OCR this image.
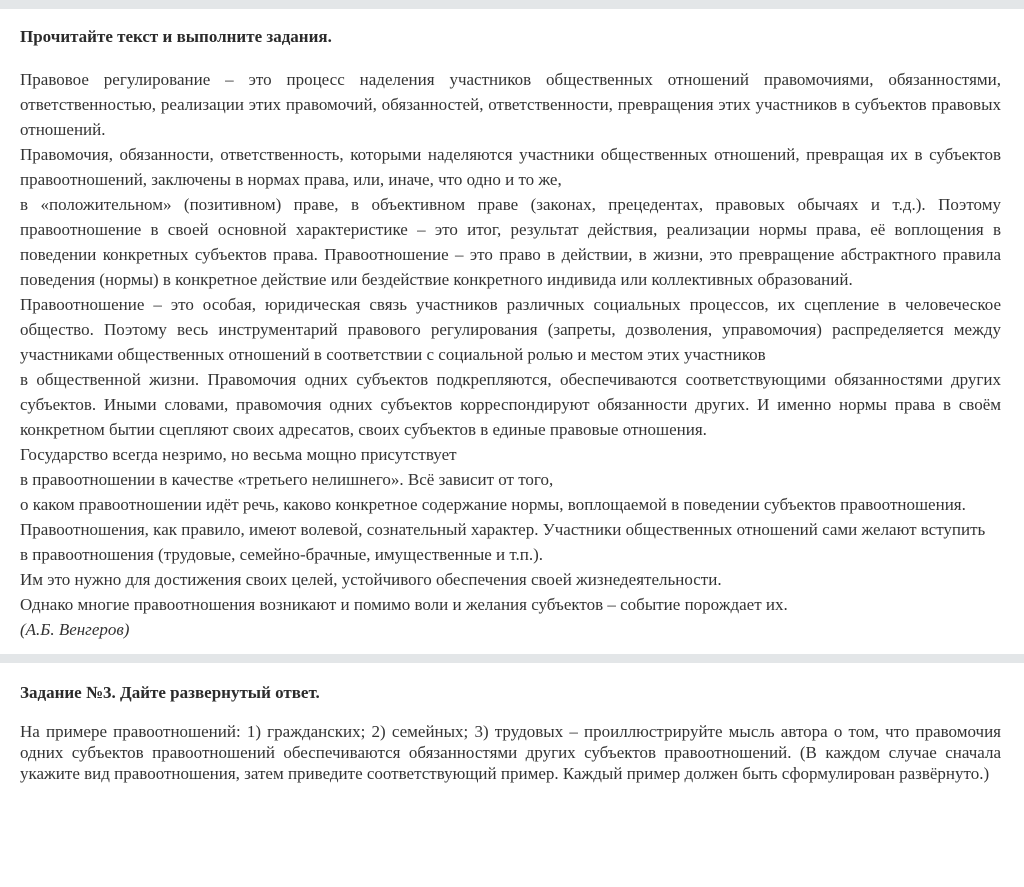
Прочитайте текст и выполните задания.

Правовое регулирование – это процесс наделения участников общественных отношений правомочиями, обязанностями, ответственностью, реализации этих правомочий, обязанностей, ответственности, превращения этих участников в субъектов правовых отношений.

Правомочия, обязанности, ответственность, которыми наделяются участники общественных отношений, превращая их в субъектов правоотношений, заключены в нормах права, или, иначе, что одно и то же,

в «положительном» (позитивном) праве, в объективном праве (законах, прецедентах, правовых обычаях и т.д.). Поэтому правоотношение в своей основной характеристике – это итог, результат действия, реализации нормы права, её воплощения в поведении конкретных субъектов права. Правоотношение – это право в действии, в жизни, это превращение абстрактного правила поведения (нормы) в конкретное действие или бездействие конкретного индивида или коллективных образований.

Правоотношение – это особая, юридическая связь участников различных социальных процессов, их сцепление в человеческое общество. Поэтому весь инструментарий правового регулирования (запреты, дозволения, управомочия) распределяется между участниками общественных отношений в соответствии с социальной ролью и местом этих участников

в общественной жизни. Правомочия одних субъектов подкрепляются, обеспечиваются соответствующими обязанностями других субъектов. Иными словами, правомочия одних субъектов корреспондируют обязанности других. И именно нормы права в своём конкретном бытии сцепляют своих адресатов, своих субъектов в единые правовые отношения.

Государство всегда незримо, но весьма мощно присутствует

в правоотношении в качестве «третьего нелишнего». Всё зависит от того,

о каком правоотношении идёт речь, каково конкретное содержание нормы, воплощаемой в поведении субъектов правоотношения.

Правоотношения, как правило, имеют волевой, сознательный характер. Участники общественных отношений сами желают вступить

в правоотношения (трудовые, семейно-брачные, имущественные и т.п.).

Им это нужно для достижения своих целей, устойчивого обеспечения своей жизнедеятельности.

Однако многие правоотношения возникают и помимо воли и желания субъектов – событие порождает их.

(А.Б. Венгеров)

Задание №3. Дайте развернутый ответ.

На примере правоотношений: 1) гражданских; 2) семейных; 3) трудовых – проиллюстрируйте мысль автора о том, что правомочия одних субъектов правоотношений обеспечиваются обязанностями других субъектов правоотношений. (В каждом случае сначала укажите вид правоотношения, затем приведите соответствующий пример. Каждый пример должен быть сформулирован развёрнуто.)
